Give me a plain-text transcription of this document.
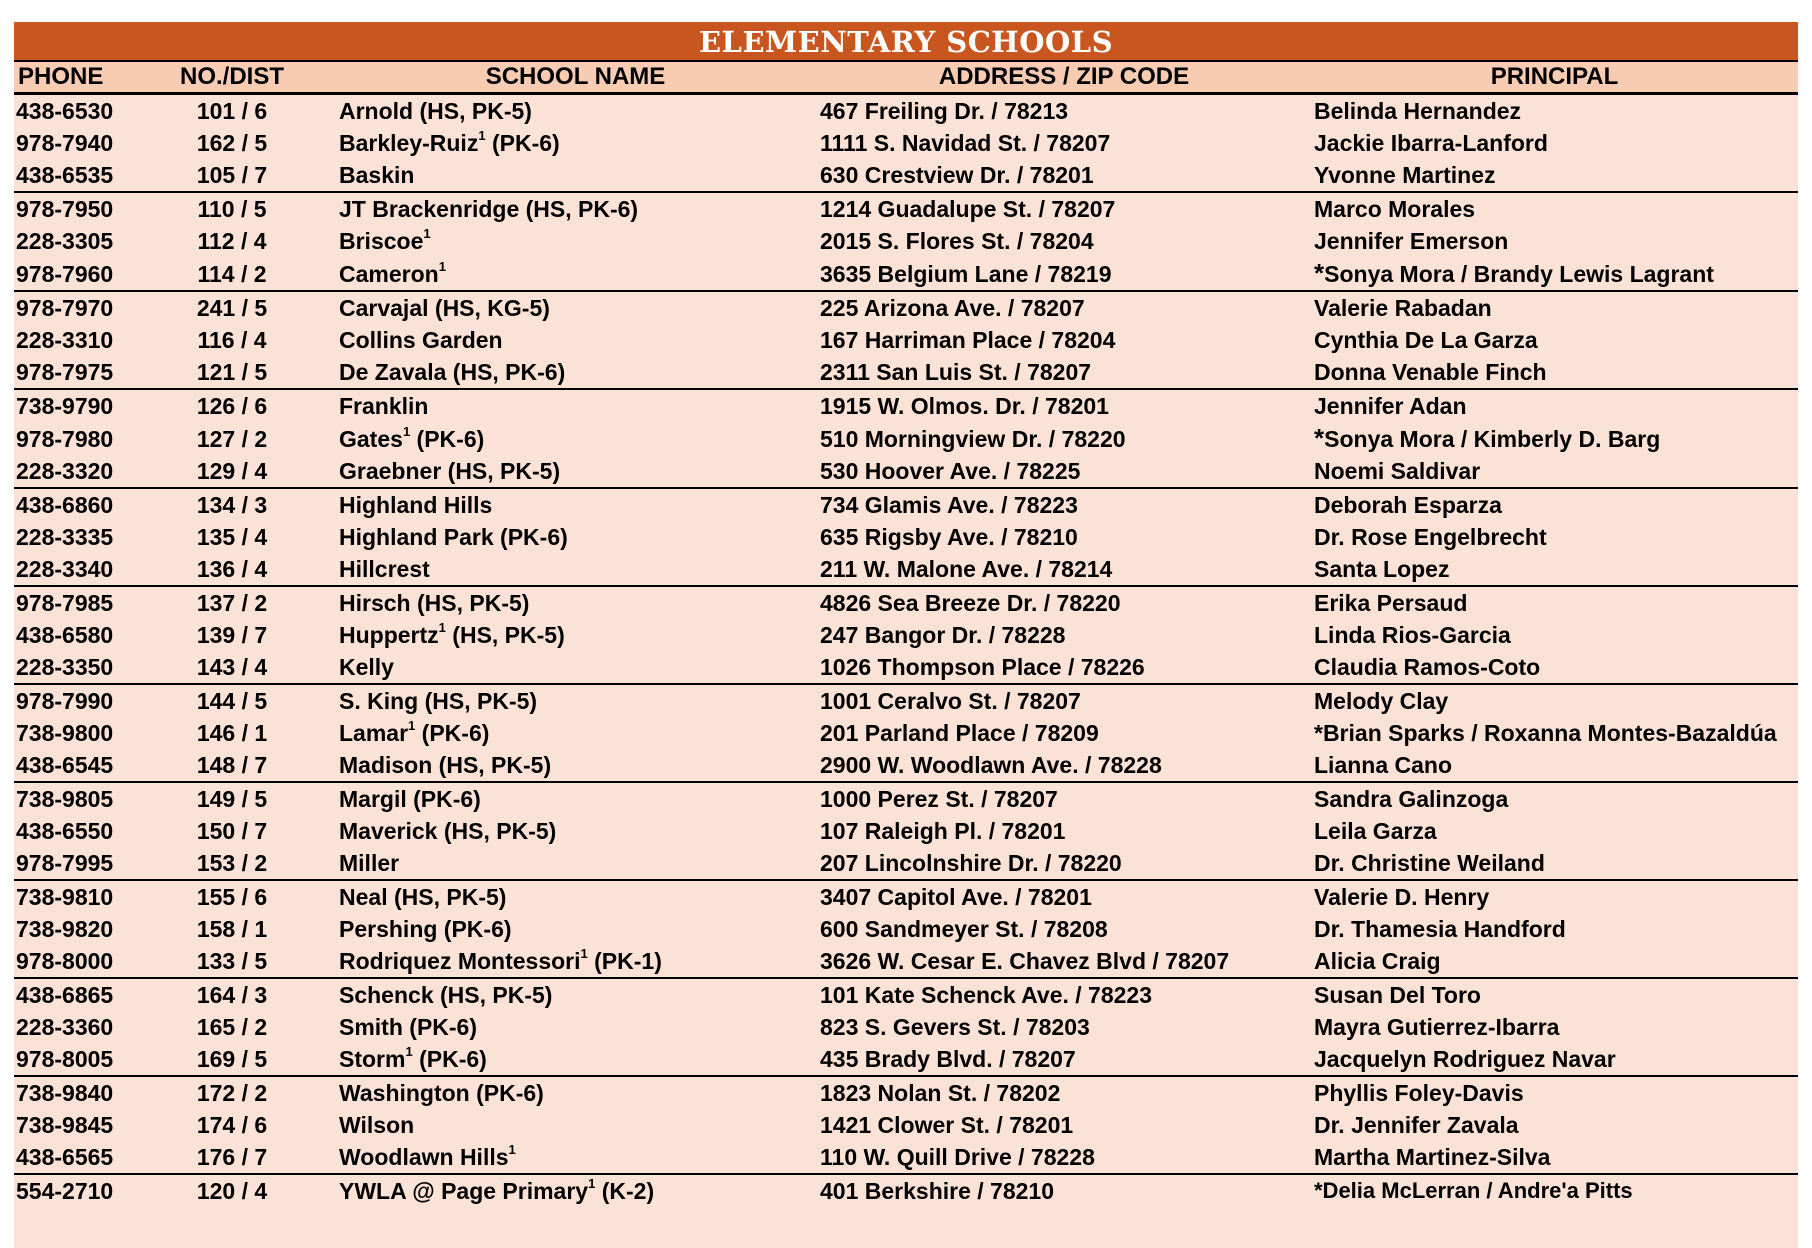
ELEMENTARY SCHOOLS
PHONE	NO./DIST	SCHOOL NAME	ADDRESS / ZIP CODE	PRINCIPAL
438-6530	101 / 6	Arnold (HS, PK-5)	467 Freiling Dr. / 78213	Belinda Hernandez
978-7940	162 / 5	Barkley-Ruiz$^1$ (PK-6)	1111 S. Navidad St. / 78207	Jackie Ibarra-Lanford
438-6535	105 / 7	Baskin	630 Crestview Dr. / 78201	Yvonne Martinez
978-7950	110 / 5	JT Brackenridge (HS, PK-6)	1214 Guadalupe St. / 78207	Marco Morales
228-3305	112 / 4	Briscoe$^1$	2015 S. Flores St. / 78204	Jennifer Emerson
978-7960	114 / 2	Cameron$^1$	3635 Belgium Lane / 78219	*Sonya Mora / Brandy Lewis Lagrant
978-7970	241 / 5	Carvajal (HS, KG-5)	225 Arizona Ave. / 78207	Valerie Rabadan
228-3310	116 / 4	Collins Garden	167 Harriman Place / 78204	Cynthia De La Garza
978-7975	121 / 5	De Zavala (HS, PK-6)	2311 San Luis St. / 78207	Donna Venable Finch
738-9790	126 / 6	Franklin	1915 W. Olmos. Dr. / 78201	Jennifer Adan
978-7980	127 / 2	Gates$^1$ (PK-6)	510 Morningview Dr. / 78220	*Sonya Mora / Kimberly D. Barg
228-3320	129 / 4	Graebner (HS, PK-5)	530 Hoover Ave. / 78225	Noemi Saldivar
438-6860	134 / 3	Highland Hills	734 Glamis Ave. / 78223	Deborah Esparza
228-3335	135 / 4	Highland Park (PK-6)	635 Rigsby Ave. / 78210	Dr. Rose Engelbrecht
228-3340	136 / 4	Hillcrest	211 W. Malone Ave. / 78214	Santa Lopez
978-7985	137 / 2	Hirsch (HS, PK-5)	4826 Sea Breeze Dr. / 78220	Erika Persaud
438-6580	139 / 7	Huppertz$^1$ (HS, PK-5)	247 Bangor Dr. / 78228	Linda Rios-Garcia
228-3350	143 / 4	Kelly	1026 Thompson Place / 78226	Claudia Ramos-Coto
978-7990	144 / 5	S. King (HS, PK-5)	1001 Ceralvo St. / 78207	Melody Clay
738-9800	146 / 1	Lamar$^1$ (PK-6)	201 Parland Place / 78209	*Brian Sparks / Roxanna Montes-Bazaldúa
438-6545	148 / 7	Madison (HS, PK-5)	2900 W. Woodlawn Ave. / 78228	Lianna Cano
738-9805	149 / 5	Margil (PK-6)	1000 Perez St. / 78207	Sandra Galinzoga
438-6550	150 / 7	Maverick (HS, PK-5)	107 Raleigh Pl. / 78201	Leila Garza
978-7995	153 / 2	Miller	207 Lincolnshire Dr. / 78220	Dr. Christine Weiland
738-9810	155 / 6	Neal (HS, PK-5)	3407 Capitol Ave. / 78201	Valerie D. Henry
738-9820	158 / 1	Pershing (PK-6)	600 Sandmeyer St. / 78208	Dr. Thamesia Handford
978-8000	133 / 5	Rodriquez Montessori$^1$ (PK-1)	3626 W. Cesar E. Chavez Blvd / 78207	Alicia Craig
438-6865	164 / 3	Schenck (HS, PK-5)	101 Kate Schenck Ave. / 78223	Susan Del Toro
228-3360	165 / 2	Smith (PK-6)	823 S. Gevers St. / 78203	Mayra Gutierrez-Ibarra
978-8005	169 / 5	Storm$^1$ (PK-6)	435 Brady Blvd. / 78207	Jacquelyn Rodriguez Navar
738-9840	172 / 2	Washington (PK-6)	1823 Nolan St. / 78202	Phyllis Foley-Davis
738-9845	174 / 6	Wilson	1421 Clower St. / 78201	Dr. Jennifer Zavala
438-6565	176 / 7	Woodlawn Hills$^1$	110 W. Quill Drive / 78228	Martha Martinez-Silva
554-2710	120 / 4	YWLA @ Page Primary$^1$ (K-2)	401 Berkshire / 78210	*Delia McLerran / Andre'a Pitts
